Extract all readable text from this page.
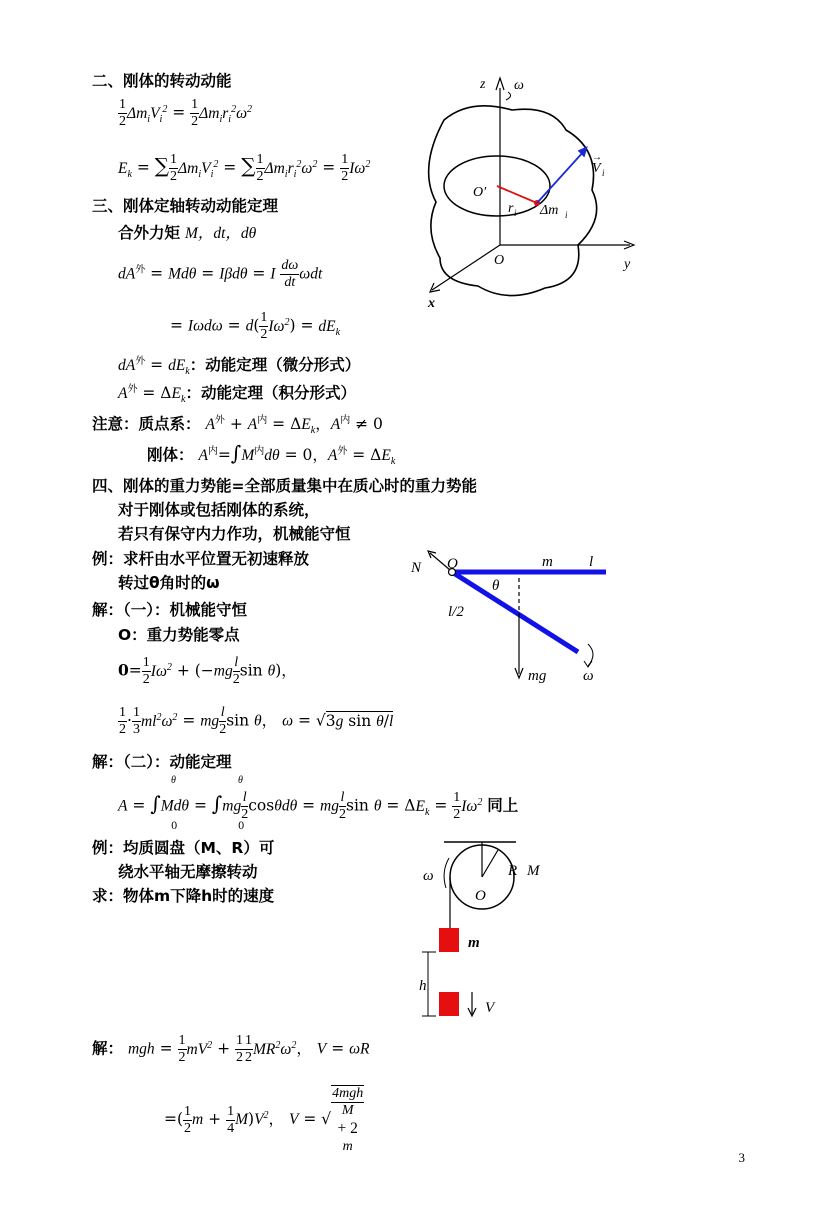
二、刚体的转动动能
$\frac{1}{2} \Delta m_iV_i^2 = \frac{1}{2} \Delta m_ir_i^2\omega^2$
$E_k$ = ∑ $\frac{1}{2} \Delta m_iV_i^2$ = ∑ $\frac{1}{2} \Delta m_ir_i^2\omega^2 = \frac{1}{2} I\omega^2$
三、刚体定轴转动动能定理
合外力矩 M，dt，dθ
$dA^外 = Md\theta = I\beta d\theta = I \frac{d\omega}{dt}$ ωdt
= $I\omega d\omega = d( \frac{1}{2} I\omega^2) = dE_k$
$dA^外 = dE_k$：动能定理（微分形式）
$A^外 = \Delta E_k$：动能定理（积分形式）
注意：质点系： $A^外 + A^内 = \Delta E_k$，$A^内 \ne 0$
刚体： $A^内=\int M^内d\theta = 0$，$A^外 = \Delta E_k$
四、刚体的重力势能=全部质量集中在质心时的重力势能
对于刚体或包括刚体的系统，
若只有保守内力作功，机械能守恒
例：求杆由水平位置无初速释放
转过θ角时的ω
解：（一）：机械能守恒
O：重力势能零点
$0= \frac{1}{2} I\omega^2 + (-mg \frac{l}{2}$ sin θ)，
$\frac{1}{2} \cdot \frac{1}{3} ml^2\omega^2$ = mg $\frac{l}{2}$ sin θ， ω = √3g sin θ/l
解：（二）：动能定理
$A = \int Md\theta = \int mg \frac{l}{2}$ cosθdθ = mg $\frac{l}{2}$ $\sin \theta = \Delta E_k = \frac{1}{2} I\omega^2$ 同上
θ
0
θ
0
例：均质圆盘（M、R）可
绕水平轴无摩擦转动
求：物体m下降h时的速度
解： mgh = $\frac{1}{2} mV^2 + \frac{1}{2} \frac{1}{2} MR^2\omega^2$， V = ωR
=( $\frac{1}{2}$ $m + \frac{1}{4} M)V^2$， V = √
4mgh
M
+ 2
m
z ω
O′
V i
→
r i Δm i
O	y
x
N O	m l
θ
l/2
mg ω
ω	R M
O
m
h
V
3
